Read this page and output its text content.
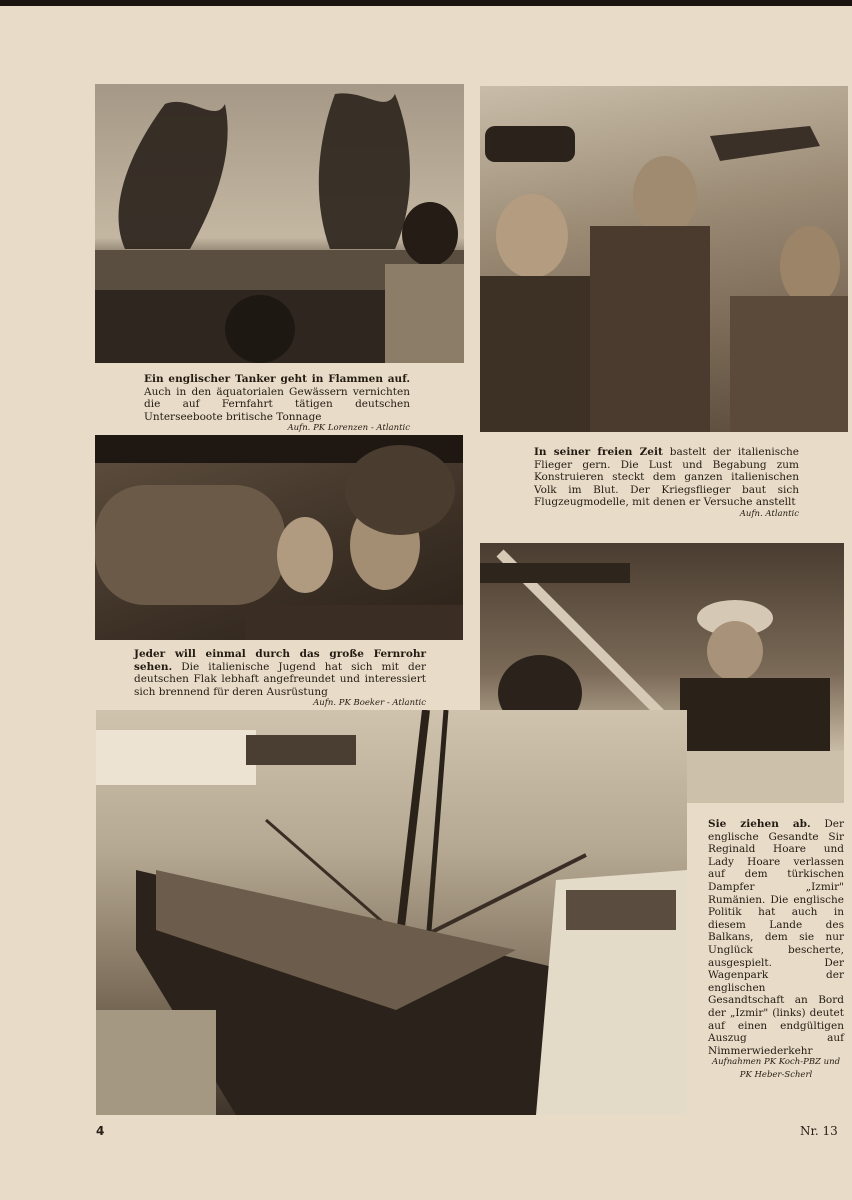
Ein englischer Tanker geht in Flammen auf. Auch in den äquatorialen Gewässern vernichten die auf Fernfahrt tätigen deutschen Unterseeboote britische Tonnage
Aufn. PK Lorenzen - Atlantic
In seiner freien Zeit bastelt der italienische Flieger gern. Die Lust und Begabung zum Konstruieren steckt dem ganzen italienischen Volk im Blut. Der Kriegsflieger baut sich Flugzeugmodelle, mit denen er Versuche anstellt
Aufn. Atlantic
Jeder will einmal durch das große Fernrohr sehen. Die italienische Jugend hat sich mit der deutschen Flak lebhaft angefreundet und interessiert sich brennend für deren Ausrüstung
Aufn. PK Boeker - Atlantic
Sie ziehen ab. Der englische Gesandte Sir Reginald Hoare und Lady Hoare verlassen auf dem türkischen Dampfer „Izmir" Rumänien. Die englische Politik hat auch in diesem Lande des Balkans, dem sie nur Unglück bescherte, ausgespielt. Der Wagenpark der englischen Gesandtschaft an Bord der „Izmir" (links) deutet auf einen endgültigen Auszug auf Nimmerwiederkehr
Aufnahmen PK Koch-PBZ und PK Heber-Scherl
4	Nr. 13
